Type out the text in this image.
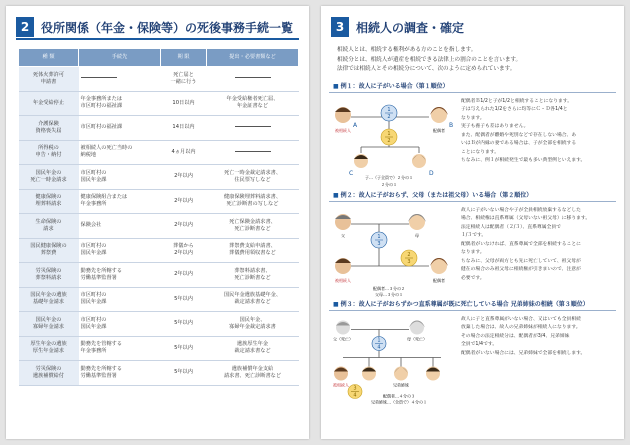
2 役所関係（年金・保険等）の死後事務手続一覧
種 類	手続先	期 限	提出・必要書類など
死体火葬許可
申請書		死亡届と
一緒に行う	
年金受給停止	年金事務所または
市区町村の福祉課	10日以内	年金受給権者死亡届、
年金証書など
介護保険
資格喪失届	市区町村の福祉課	14日以内	
所得税の
申告・納付	被相続人の死亡当時の
納税地	4ヵ月以内	
国民年金の
死亡一時金請求	市区町村の
国民年金課	2年以内	死亡一時金裁定請求書、
住民票写しなど
健康保険の
埋葬料請求	健康保険組合または
年金事務所	2年以内	健康保険埋葬料請求書、
死亡診断書の写しなど
生命保険の
請求	保険会社	2年以内	死亡保険金請求書、
死亡診断書など
国民健康保険の
葬祭費	市区町村の
国民年金課	葬儀から
2年以内	葬祭費支給申請書、
葬儀費用領収書など
労災保険の
葬祭料請求	勤務先を所轄する
労働基準監督署	2年以内	葬祭料請求書、
死亡診断書など
国民年金の遺族
基礎年金請求	市区町村の
国民年金課	5年以内	国民年金遺族基礎年金、
裁定請求書など
国民年金の
寡婦年金請求	市区町村の
国民年金課	5年以内	国民年金、
寡婦年金裁定請求書
厚生年金の遺族
厚生年金請求	勤務先を管轄する
年金事務所	5年以内	遺族厚生年金
裁定請求書など
労災保険の
遺族補償給付	勤務先を所轄する
労働基準監督署	5年以内	遺族補償年金支給
請求書、死亡診断書など
3 相続人の調査・確定
相続人とは、相続する権利がある方のことを指します。
相続分とは、相続人が遺産を相続できる法律上の割合のことを言います。
法律では相続人とその相続分について、次のように定められています。
■ 例１：故人に子がいる場合（第１順位）
1
2
1
2
被相続人
A
配偶者
B
C	D
子…（子全員で）２分の１
２分の１
配偶者Ｂ1/2と子が1/2と相続することになります。
子は与えられた1/2をさらに均等にＣ・Ｄ各1/4と
なります。
実子も養子も差はありません。
また、配偶者が離婚や死別などで存在しない場合、あ
いはＢが内縁の妻である場合は、子が全部を相続する
ことになります。
ちなみに、例１が相続発生で最も多い典型例といえます。
■ 例２：故人に子がおらず、父母（または祖父母）いる場合（第２順位）
1
3
2
3
父	母
被相続人	配偶者
配偶者…３分の２
父母…３分の１
故人に子がいない場合や子が全員相続放棄するなどした
場合、相続権は直系尊属（父母いない祖父母）に移ります。
法定相続人は配偶者（２/３）、直系尊属全員で
１/３です。
配偶者がいなければ、直系尊属で全部を相続することに
なります。
ちなみに、父母が両方とも先に死亡していて、祖父母が
健在の場合のみ祖父母に相続権が引きまいので、注意が
必要です。
■ 例３：故人に子がおらずかつ直系尊属が既に死亡している場合 兄弟姉妹の相続（第３順位）
1
4
3
4
父（死亡）	母（死亡）
被相続人	兄弟姉妹
配偶者…４分の３
兄弟姉妹…（全員で）４分の１
故人に子と直系尊属がいない場合、又はいても全員相続
放棄した場合は、故人の兄弟姉妹が相続人になります。
その場合の法定相続分は、配偶者が3/4、兄弟姉妹
全員で1/4です。
配偶者がいない場合には、兄弟姉妹で全部を相続します。
